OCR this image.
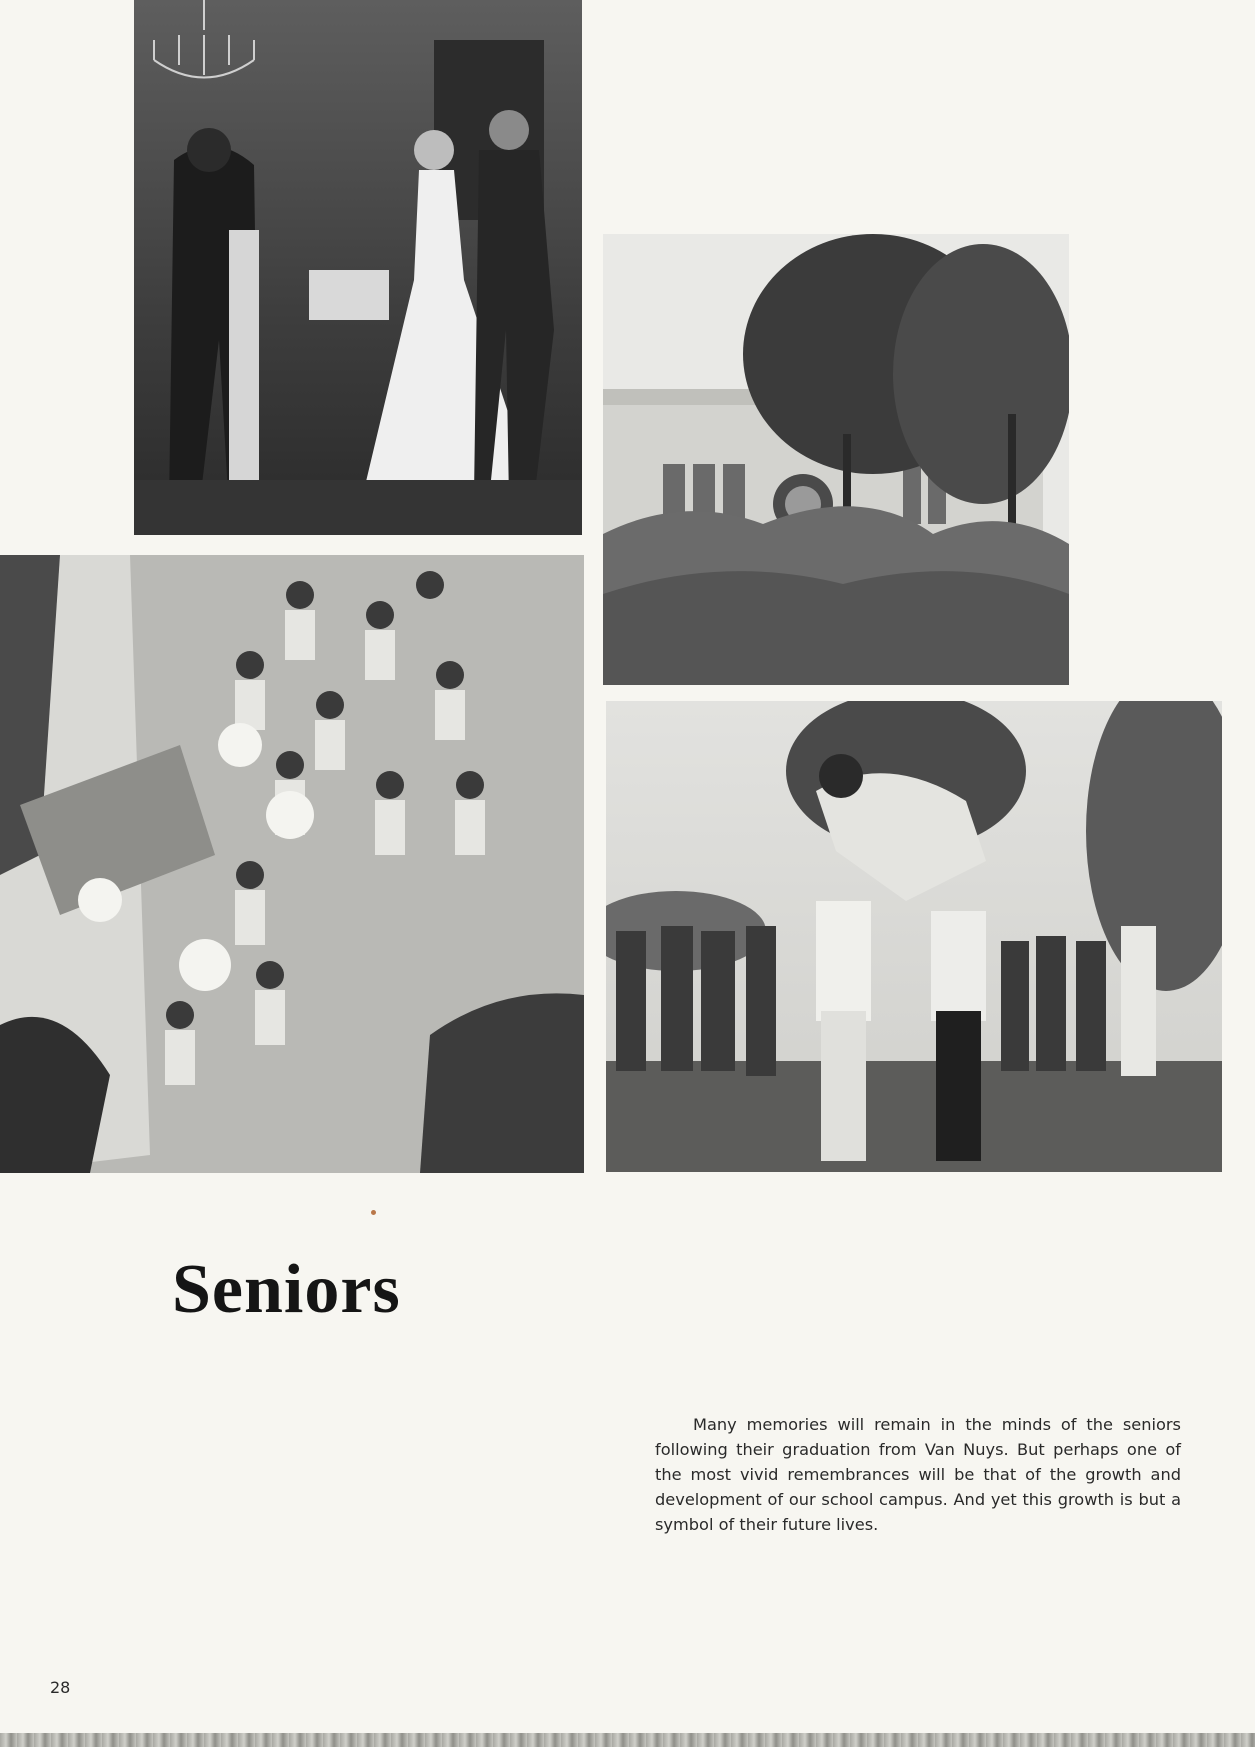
Seniors

Many memories will remain in the minds of the seniors following their graduation from Van Nuys. But perhaps one of the most vivid remembrances will be that of the growth and development of our school campus. And yet this growth is but a symbol of their future lives.

28
